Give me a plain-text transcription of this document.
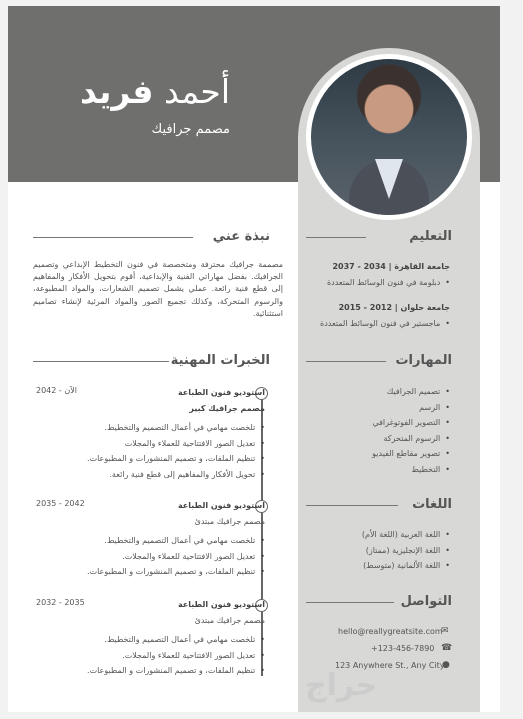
أحمد فريد
مصمم جرافيك
التعليم
جامعة القاهرة | 2034 - 2037
• دبلومة في فنون الوسائط المتعددة
جامعة حلوان | 2012 - 2015
• ماجستير في فنون الوسائط المتعددة
المهارات
• تصميم الجرافيك
• الرسم
• التصوير الفوتوغرافي
• الرسوم المتحركة
• تصوير مقاطع الفيديو
• التخطيط
اللغات
• اللغة العربية (اللغة الأم)
• اللغة الإنجليزية (ممتاز)
• اللغة الألمانية (متوسط)
التواصل
✉
hello@reallygreatsite.com
☎
+123-456-7890
●
123 Anywhere St., Any City
نبذة عني
مصممة جرافيك محترفة ومتخصصة في فنون التخطيط الإبداعي وتصميم الجرافيك. بفضل مهاراتي الفنية والإبداعية، أقوم بتحويل الأفكار والمفاهيم إلى قطع فنية رائعة. عملي يشمل تصميم الشعارات، والمواد المطبوعة، والرسوم المتحركة، وكذلك تجميع الصور والمواد المرئية لإنشاء تصاميم استثنائية.
الخبرات المهنية
استوديو فنون الطباعة
2042 - الآن
مصمم جرافيك كبير
• تلخصت مهامي في أعمال التصميم والتخطيط.
• تعديل الصور الافتتاحية للعملاء والمجلات
• تنظيم الملفات، و تصميم المنشورات و المطبوعات.
• تحويل الأفكار والمفاهيم إلى قطع فنية رائعة.
استوديو فنون الطباعة
2035 - 2042
مصمم جرافيك مبتدئ
• تلخصت مهامي في أعمال التصميم والتخطيط.
• تعديل الصور الافتتاحية للعملاء والمجلات.
• تنظيم الملفات، و تصميم المنشورات و المطبوعات.
استوديو فنون الطباعة
2032 - 2035
مصمم جرافيك مبتدئ
• تلخصت مهامي في أعمال التصميم والتخطيط.
• تعديل الصور الافتتاحية للعملاء والمجلات.
• تنظيم الملفات، و تصميم المنشورات و المطبوعات.	حراج
